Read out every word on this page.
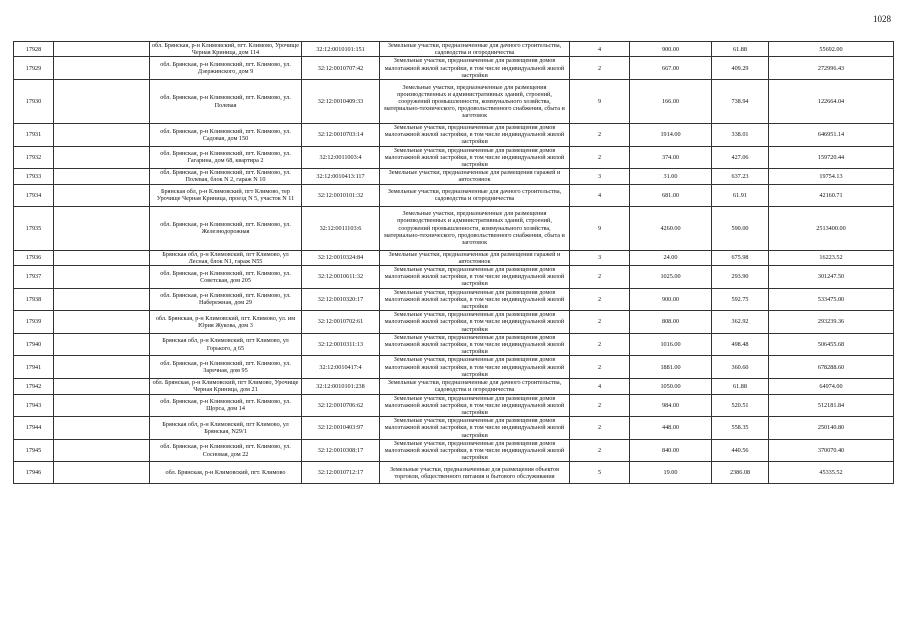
1028
17928		обл. Брянская, р-н Климовский, пгт. Климово, Урочище Черная Криница, дом 114	32:12:0010101:151	Земельные участки, предназначенные для дачного строительства, садоводства и огородничества	4	900.00	61.88	55692.00
17929		обл. Брянская, р-н Климовский, пгт. Климово, ул. Дзержинского, дом 9	32:12:0010707:42	Земельные участки, предназначенные для размещения домов малоэтажной жилой застройки, в том числе индивидуальной жилой застройки	2	667.00	409.29	272996.43
17930		обл. Брянская, р-н Климовский, пгт. Климово, ул. Полевая	32:12:0010409:33	Земельные участки, предназначенные для размещения производственных и административных зданий, строений, сооружений промышленности, коммунального хозяйства, материально-технического, продовольственного снабжения, сбыта и заготовок	9	166.00	738.94	122664.04
17931		обл. Брянская, р-н Климовский, пгт. Климово, ул. Садовая, дом 150	32:12:0010703:14	Земельные участки, предназначенные для размещения домов малоэтажной жилой застройки, в том числе индивидуальной жилой застройки	2	1914.00	338.01	646951.14
17932		обл. Брянская, р-н Климовский, пгт. Климово, ул. Гагарина, дом 68, квартира 2	32:12:0011003:4	Земельные участки, предназначенные для размещения домов малоэтажной жилой застройки, в том числе индивидуальной жилой застройки	2	374.00	427.06	159720.44
17933		обл. Брянская, р-н Климовский, пгт. Климово, ул. Полевая, блок N 2, гараж N 10	32:12:0010413:117	Земельные участки, предназначенные для размещения гаражей и автостоянок	3	31.00	637.23	19754.13
17934		Брянская обл, р-н Климовский, пгт Климово, тер Урочище Черная Криница, проезд N 5, участок N 11	32:12:0010101:32	Земельные участки, предназначенные для дачного строительства, садоводства и огородничества	4	681.00	61.91	42160.71
17935		обл. Брянская, р-н Климовский, пгт. Климово, ул. Железнодорожная	32:12:0011103:6	Земельные участки, предназначенные для размещения производственных и административных зданий, строений, сооружений промышленности, коммунального хозяйства, материально-технического, продовольственного снабжения, сбыта и заготовок	9	4260.00	590.00	2513400.00
17936		Брянская обл, р-н Климовский, пгт Климово, ул Лесная, блок N1, гараж N55	32:12:0010324:84	Земельные участки, предназначенные для размещения гаражей и автостоянок	3	24.00	675.98	16223.52
17937		обл. Брянская, р-н Климовский, пгт. Климово, ул. Советская, дом 205	32:12:0010611:32	Земельные участки, предназначенные для размещения домов малоэтажной жилой застройки, в том числе индивидуальной жилой застройки	2	1025.00	293.90	301247.50
17938		обл. Брянская, р-н Климовский, пгт. Климово, ул. Набережная, дом 29	32:12:0010320:17	Земельные участки, предназначенные для размещения домов малоэтажной жилой застройки, в том числе индивидуальной жилой застройки	2	900.00	592.75	533475.00
17939		обл. Брянская, р-н Климовский, пгт. Климово, ул. им Юрия Жукова, дом 3	32:12:0010702:61	Земельные участки, предназначенные для размещения домов малоэтажной жилой застройки, в том числе индивидуальной жилой застройки	2	808.00	362.92	293239.36
17940		Брянская обл, р-н Климовский, пгт Климово, ул Горького, д 65	32:12:0010311:13	Земельные участки, предназначенные для размещения домов малоэтажной жилой застройки, в том числе индивидуальной жилой застройки	2	1016.00	498.48	506455.68
17941		обл. Брянская, р-н Климовский, пгт. Климово, ул. Заречная, дом 95	32:12:0010417:4	Земельные участки, предназначенные для размещения домов малоэтажной жилой застройки, в том числе индивидуальной жилой застройки	2	1881.00	360.60	678288.60
17942		обл. Брянская, р-н Климовский, пгт Климово, Урочище Черная Криница, дом 21	32:12:0010101:238	Земельные участки, предназначенные для дачного строительства, садоводства и огородничества	4	1050.00	61.88	64974.00
17943		обл. Брянская, р-н Климовский, пгт. Климово, ул. Щорса, дом 14	32:12:0010706:62	Земельные участки, предназначенные для размещения домов малоэтажной жилой застройки, в том числе индивидуальной жилой застройки	2	984.00	520.51	512181.84
17944		Брянская обл, р-н Климовский, пгт Климово, ул Брянская, N29/1	32:12:0010403:97	Земельные участки, предназначенные для размещения домов малоэтажной жилой застройки, в том числе индивидуальной жилой застройки	2	448.00	558.35	250140.80
17945		обл. Брянская, р-н Климовский, пгт. Климово, ул. Сосновая, дом 22	32:12:0010308:17	Земельные участки, предназначенные для размещения домов малоэтажной жилой застройки, в том числе индивидуальной жилой застройки	2	840.00	440.56	370070.40
17946		обл. Брянская, р-н Климовский, пгт. Климово	32:12:0010712:17	Земельные участки, предназначенные для размещения объектов торговли, общественного питания и бытового обслуживания	5	19.00	2386.08	45335.52
